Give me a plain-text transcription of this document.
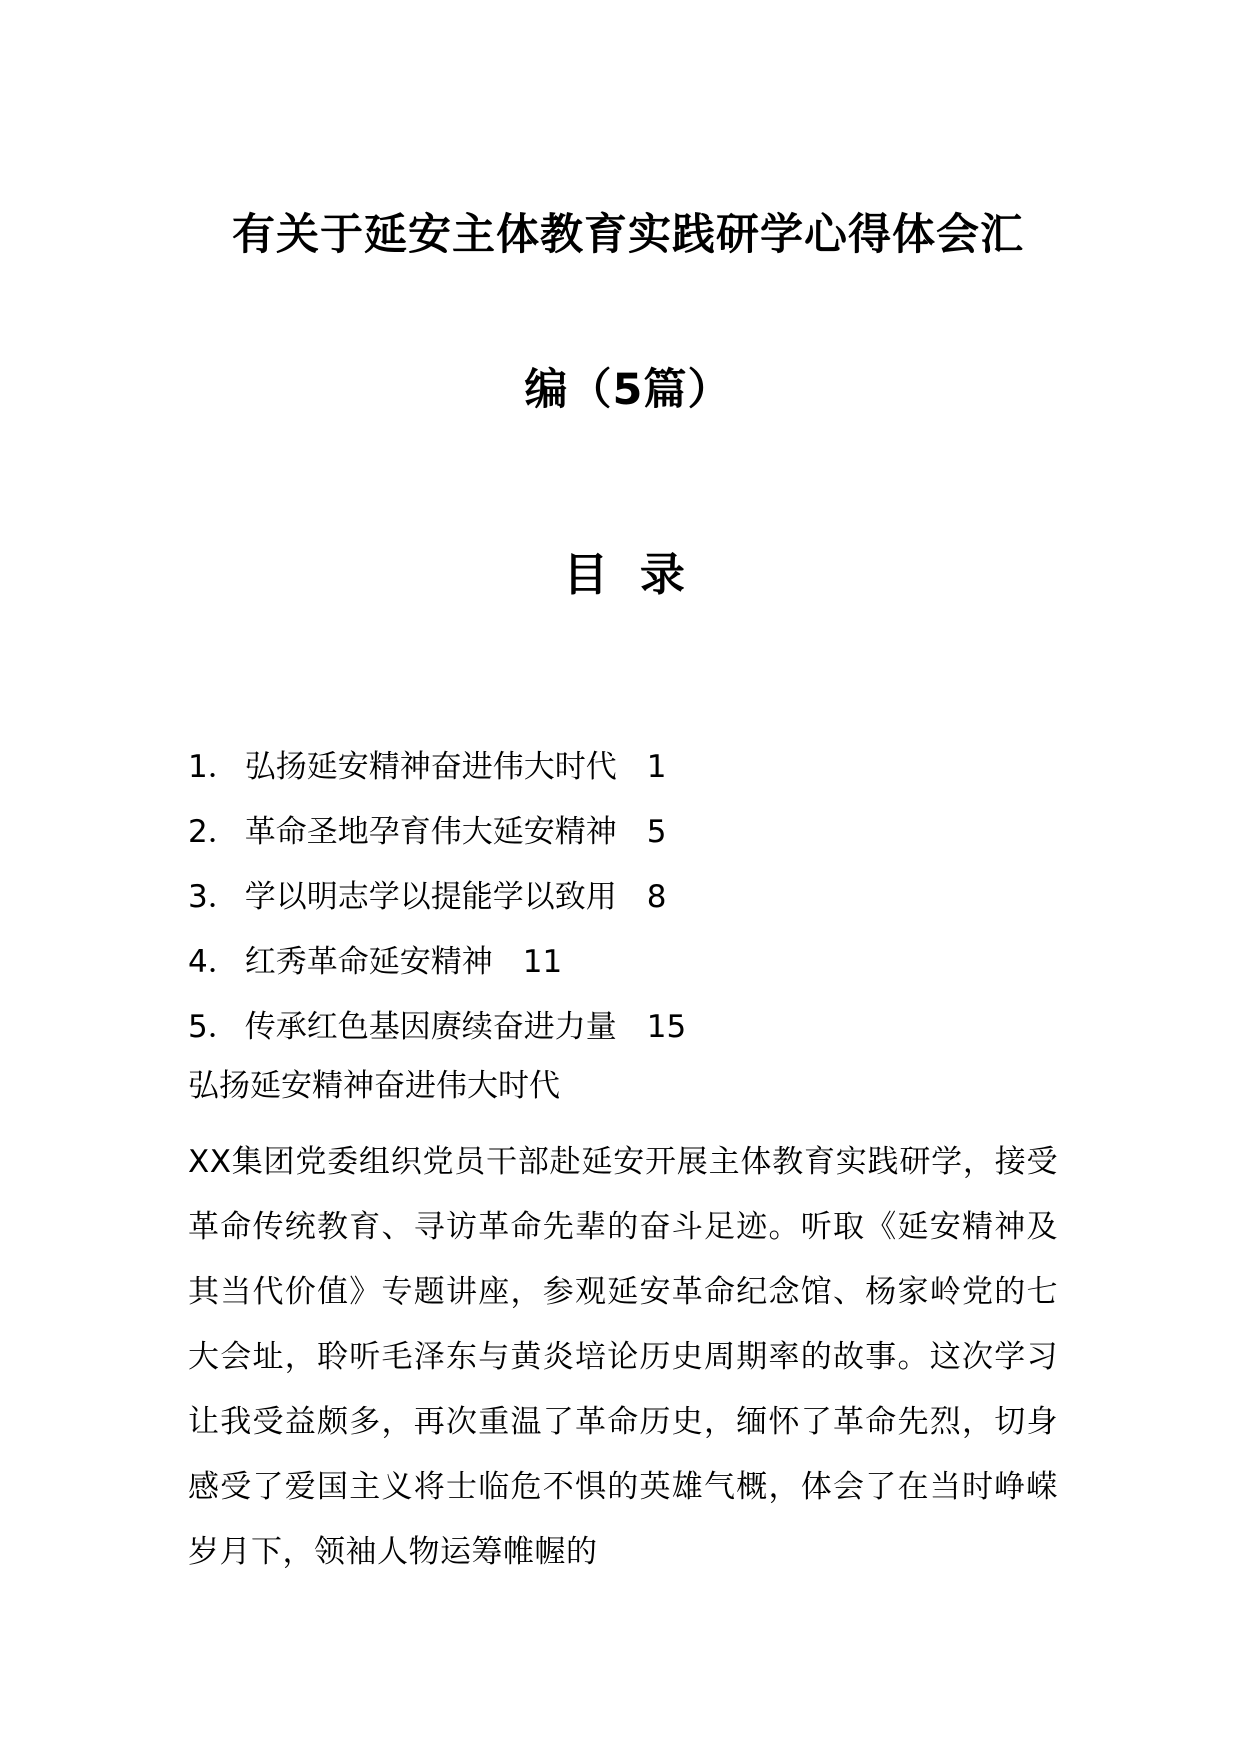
有关于延安主体教育实践研学心得体会汇
编（5篇）
目 录
1． 弘扬延安精神奋进伟大时代 1
2． 革命圣地孕育伟大延安精神 5
3． 学以明志学以提能学以致用 8
4． 红秀革命延安精神 11
5． 传承红色基因赓续奋进力量 15
弘扬延安精神奋进伟大时代

XX集团党委组织党员干部赴延安开展主体教育实践研学，接受革命传统教育、寻访革命先辈的奋斗足迹。听取《延安精神及其当代价值》专题讲座，参观延安革命纪念馆、杨家岭党的七大会址，聆听毛泽东与黄炎培论历史周期率的故事。这次学习让我受益颇多，再次重温了革命历史，缅怀了革命先烈，切身感受了爱国主义将士临危不惧的英雄气概，体会了在当时峥嵘岁月下，领袖人物运筹帷幄的
